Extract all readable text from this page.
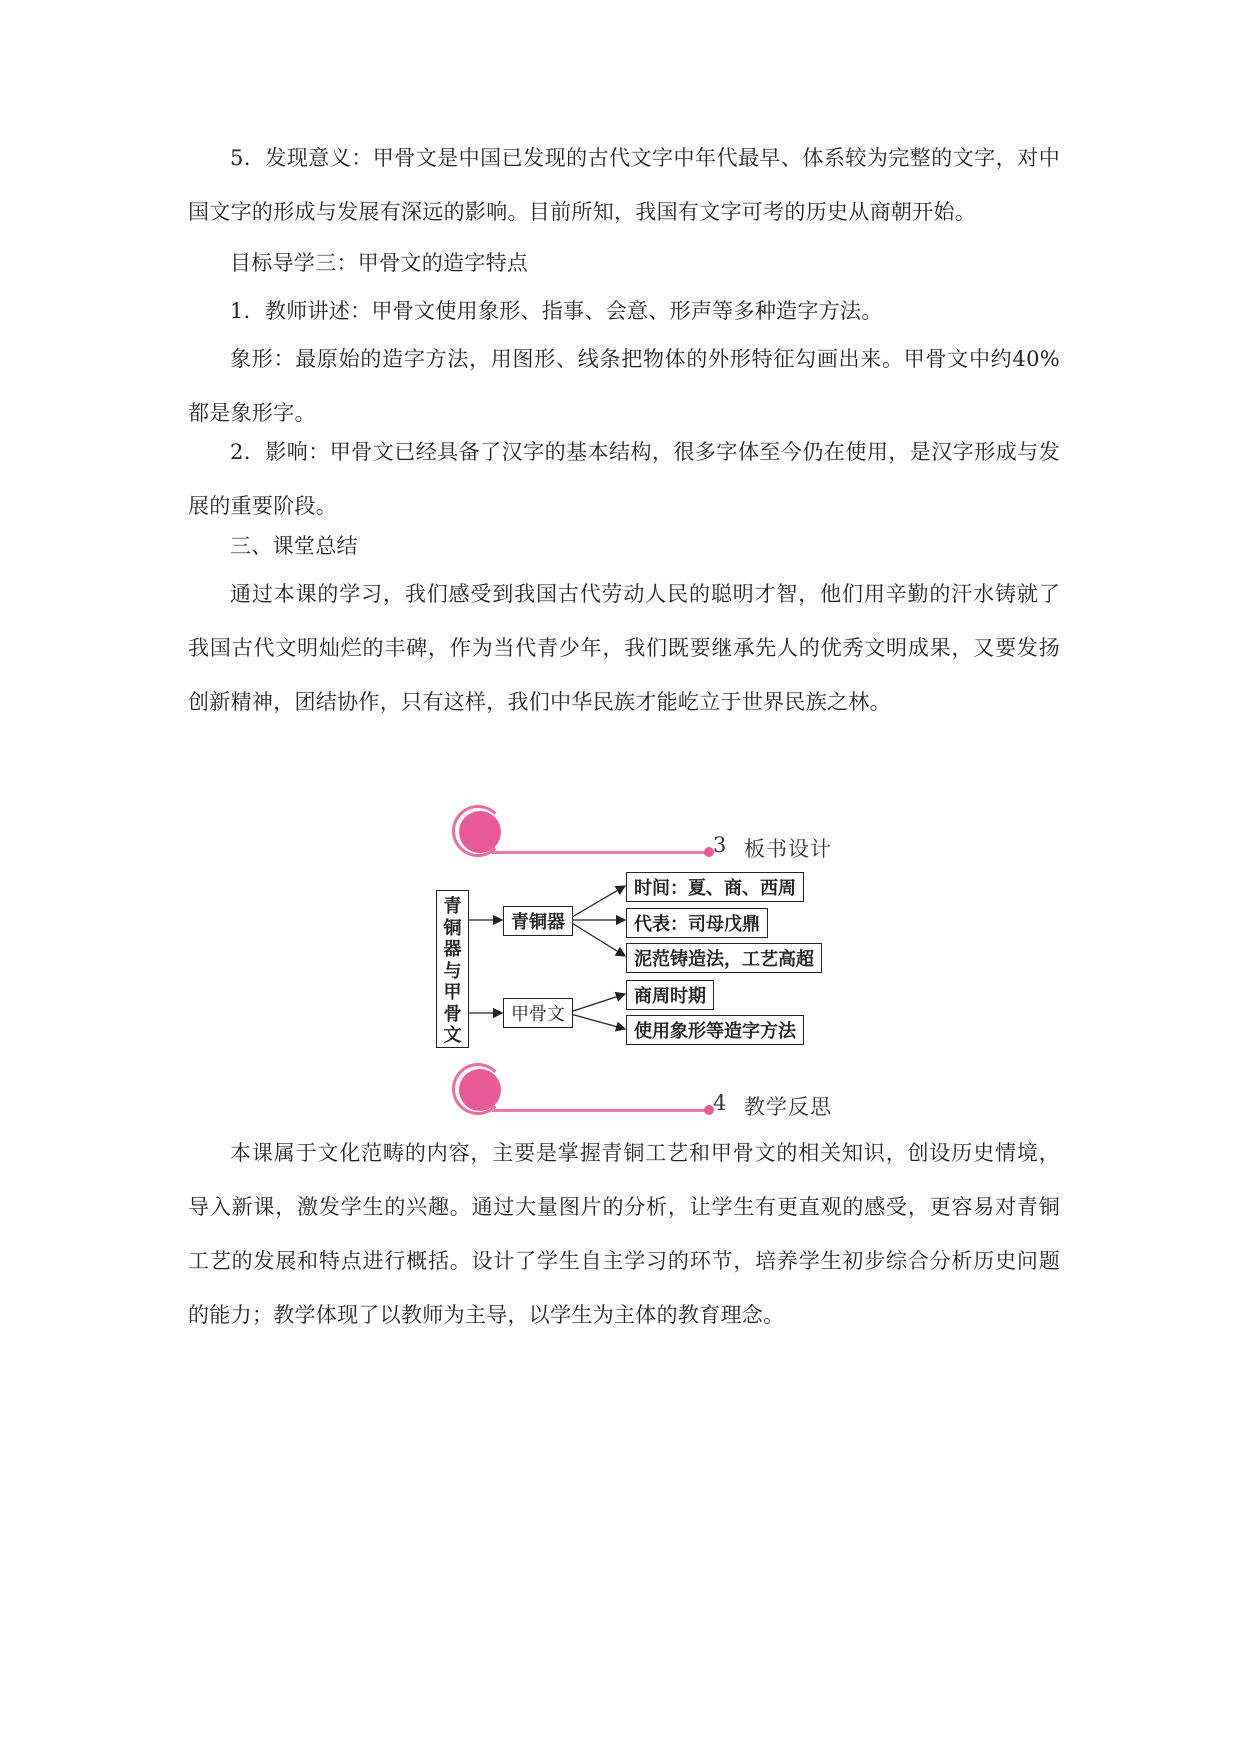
5．发现意义：甲骨文是中国已发现的古代文字中年代最早、体系较为完整的文字，对中国文字的形成与发展有深远的影响。目前所知，我国有文字可考的历史从商朝开始。

目标导学三：甲骨文的造字特点

1．教师讲述：甲骨文使用象形、指事、会意、形声等多种造字方法。

象形：最原始的造字方法，用图形、线条把物体的外形特征勾画出来。甲骨文中约40%都是象形字。

2．影响：甲骨文已经具备了汉字的基本结构，很多字体至今仍在使用，是汉字形成与发展的重要阶段。

三、课堂总结

通过本课的学习，我们感受到我国古代劳动人民的聪明才智，他们用辛勤的汗水铸就了我国古代文明灿烂的丰碑，作为当代青少年，我们既要继承先人的优秀文明成果，又要发扬创新精神，团结协作，只有这样，我们中华民族才能屹立于世界民族之林。

3 板书设计
青
铜
器
与
甲
骨
文
青铜器
时间：夏、商、西周
代表：司母戊鼎
泥范铸造法，工艺高超
甲骨文
商周时期
使用象形等造字方法
4 教学反思

本课属于文化范畴的内容，主要是掌握青铜工艺和甲骨文的相关知识，创设历史情境，导入新课，激发学生的兴趣。通过大量图片的分析，让学生有更直观的感受，更容易对青铜工艺的发展和特点进行概括。设计了学生自主学习的环节，培养学生初步综合分析历史问题的能力；教学体现了以教师为主导，以学生为主体的教育理念。
